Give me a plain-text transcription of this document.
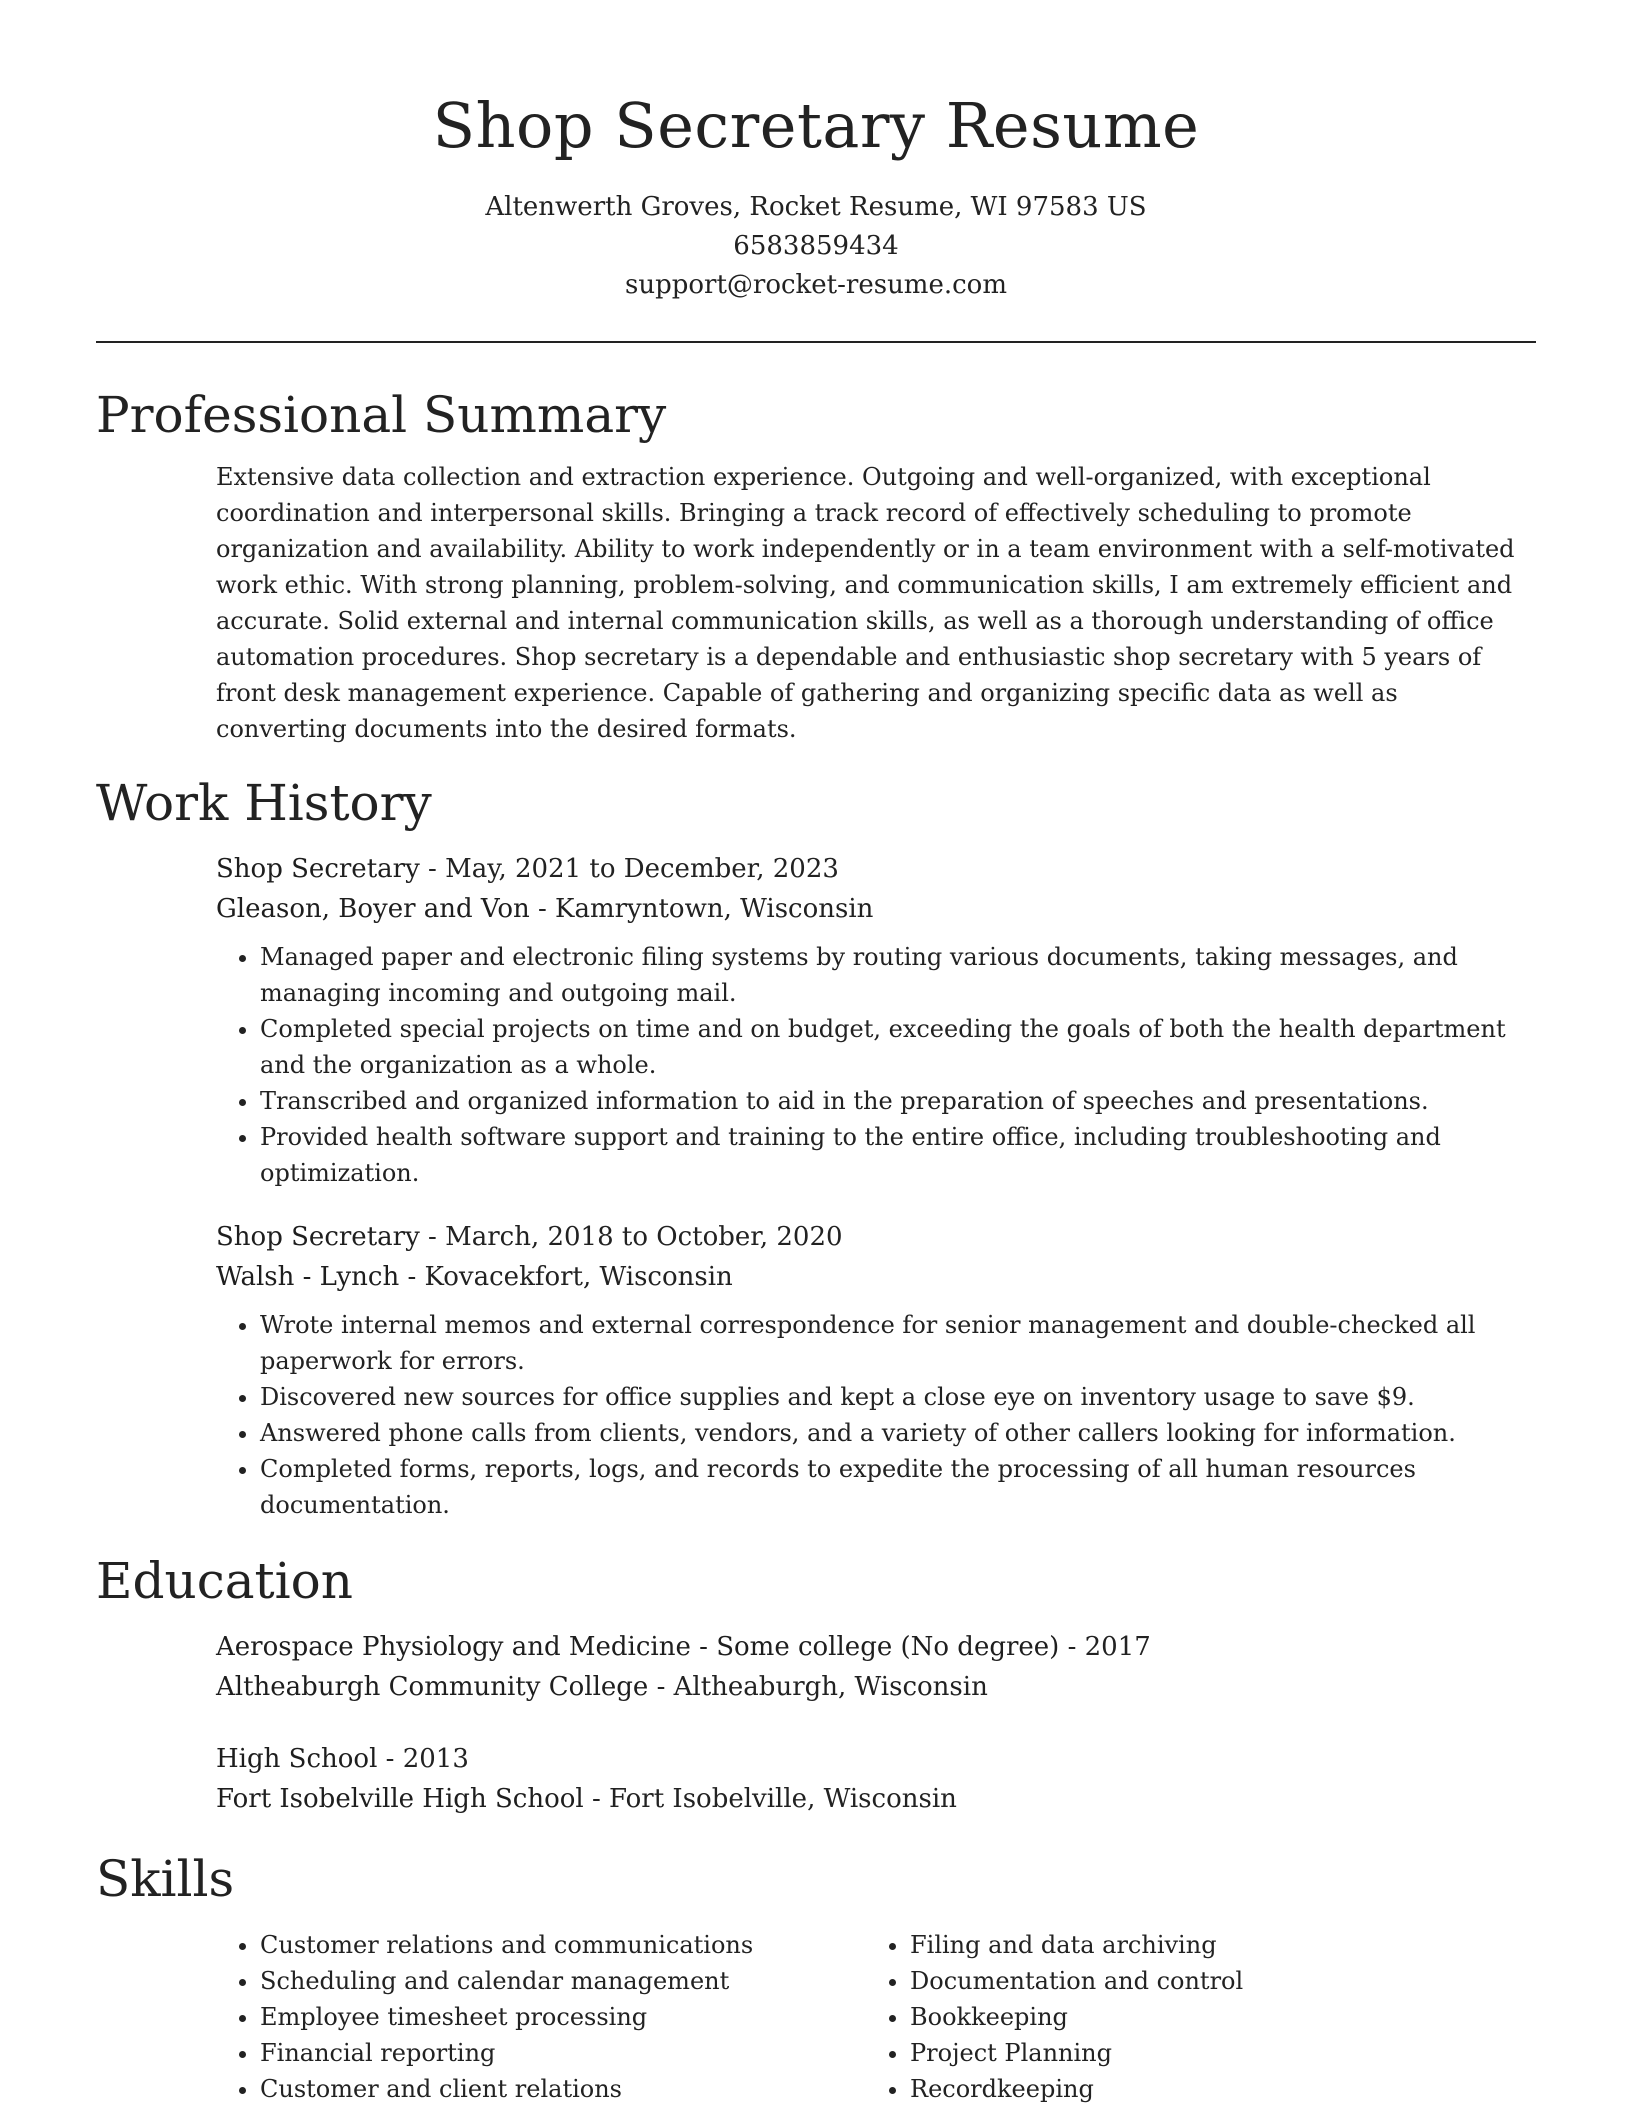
Shop Secretary Resume
Altenwerth Groves, Rocket Resume, WI 97583 US
6583859434
support@rocket-resume.com
Professional Summary

Extensive data collection and extraction experience. Outgoing and well-organized, with exceptional coordination and interpersonal skills. Bringing a track record of effectively scheduling to promote organization and availability. Ability to work independently or in a team environment with a self-motivated work ethic. With strong planning, problem-solving, and communication skills, I am extremely efficient and accurate. Solid external and internal communication skills, as well as a thorough understanding of office automation procedures. Shop secretary is a dependable and enthusiastic shop secretary with 5 years of front desk management experience. Capable of gathering and organizing specific data as well as converting documents into the desired formats.

Work History
Shop Secretary - May, 2021 to December, 2023
Gleason, Boyer and Von - Kamryntown, Wisconsin
• Managed paper and electronic filing systems by routing various documents, taking messages, and managing incoming and outgoing mail.
• Completed special projects on time and on budget, exceeding the goals of both the health department and the organization as a whole.
• Transcribed and organized information to aid in the preparation of speeches and presentations.
• Provided health software support and training to the entire office, including troubleshooting and optimization.
Shop Secretary - March, 2018 to October, 2020
Walsh - Lynch - Kovacekfort, Wisconsin
• Wrote internal memos and external correspondence for senior management and double-checked all paperwork for errors.
• Discovered new sources for office supplies and kept a close eye on inventory usage to save $9.
• Answered phone calls from clients, vendors, and a variety of other callers looking for information.
• Completed forms, reports, logs, and records to expedite the processing of all human resources documentation.
Education
Aerospace Physiology and Medicine - Some college (No degree) - 2017
Altheaburgh Community College - Altheaburgh, Wisconsin
High School - 2013
Fort Isobelville High School - Fort Isobelville, Wisconsin
Skills
• Customer relations and communications
• Scheduling and calendar management
• Employee timesheet processing
• Financial reporting
• Customer and client relations
• Filing and data archiving
• Documentation and control
• Bookkeeping
• Project Planning
• Recordkeeping
